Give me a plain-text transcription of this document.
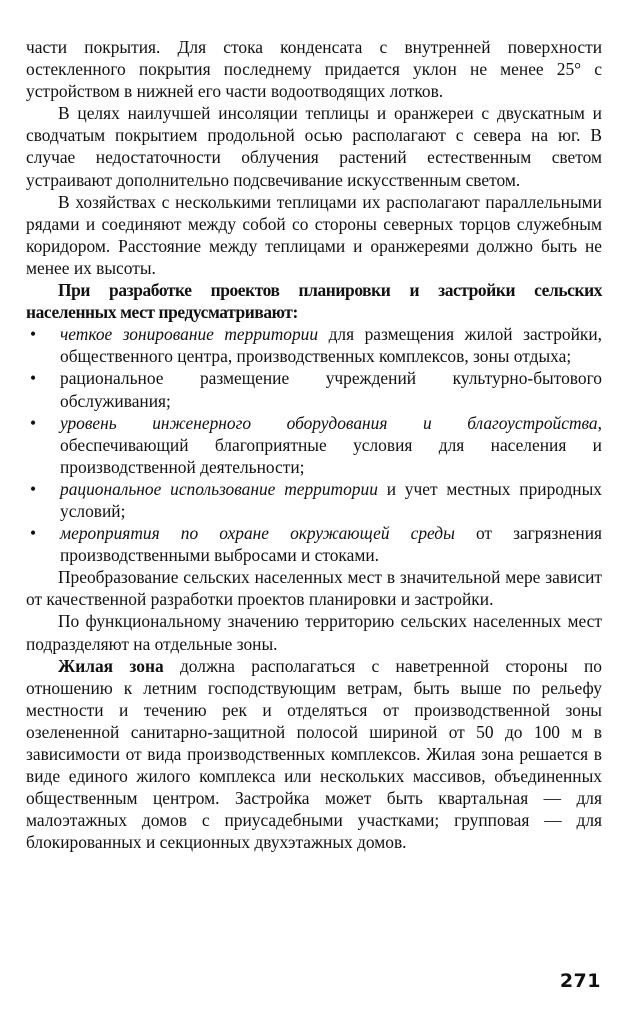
части покрытия. Для стока конденсата с внутренней поверхности остекленного покрытия последнему придается уклон не менее 25° с устройством в нижней его части водоотводящих лотков.

В целях наилучшей инсоляции теплицы и оранжереи с двускатным и сводчатым покрытием продольной осью располагают с севера на юг. В случае недостаточности облучения растений естественным светом устраивают дополнительно подсвечивание искусственным светом.

В хозяйствах с несколькими теплицами их располагают параллельными рядами и соединяют между собой со стороны северных торцов служебным коридором. Расстояние между теплицами и оранжереями должно быть не менее их высоты.

При разработке проектов планировки и застройки сельских населенных мест предусматривают:

• четкое зонирование территории для размещения жилой застройки, общественного центра, производственных комплексов, зоны отдыха;
• рациональное размещение учреждений культурно-бытового обслуживания;
• уровень инженерного оборудования и благоустройства, обеспечивающий благоприятные условия для населения и производственной деятельности;
• рациональное использование территории и учет местных природных условий;
• мероприятия по охране окружающей среды от загрязнения производственными выбросами и стоками.

Преобразование сельских населенных мест в значительной мере зависит от качественной разработки проектов планировки и застройки.

По функциональному значению территорию сельских населенных мест подразделяют на отдельные зоны.

Жилая зона должна располагаться с наветренной стороны по отношению к летним господствующим ветрам, быть выше по рельефу местности и течению рек и отделяться от производственной зоны озелененной санитарно-защитной полосой шириной от 50 до 100 м в зависимости от вида производственных комплексов. Жилая зона решается в виде единого жилого комплекса или нескольких массивов, объединенных общественным центром. Застройка может быть квартальная — для малоэтажных домов с приусадебными участками; групповая — для блокированных и секционных двухэтажных домов.

271
